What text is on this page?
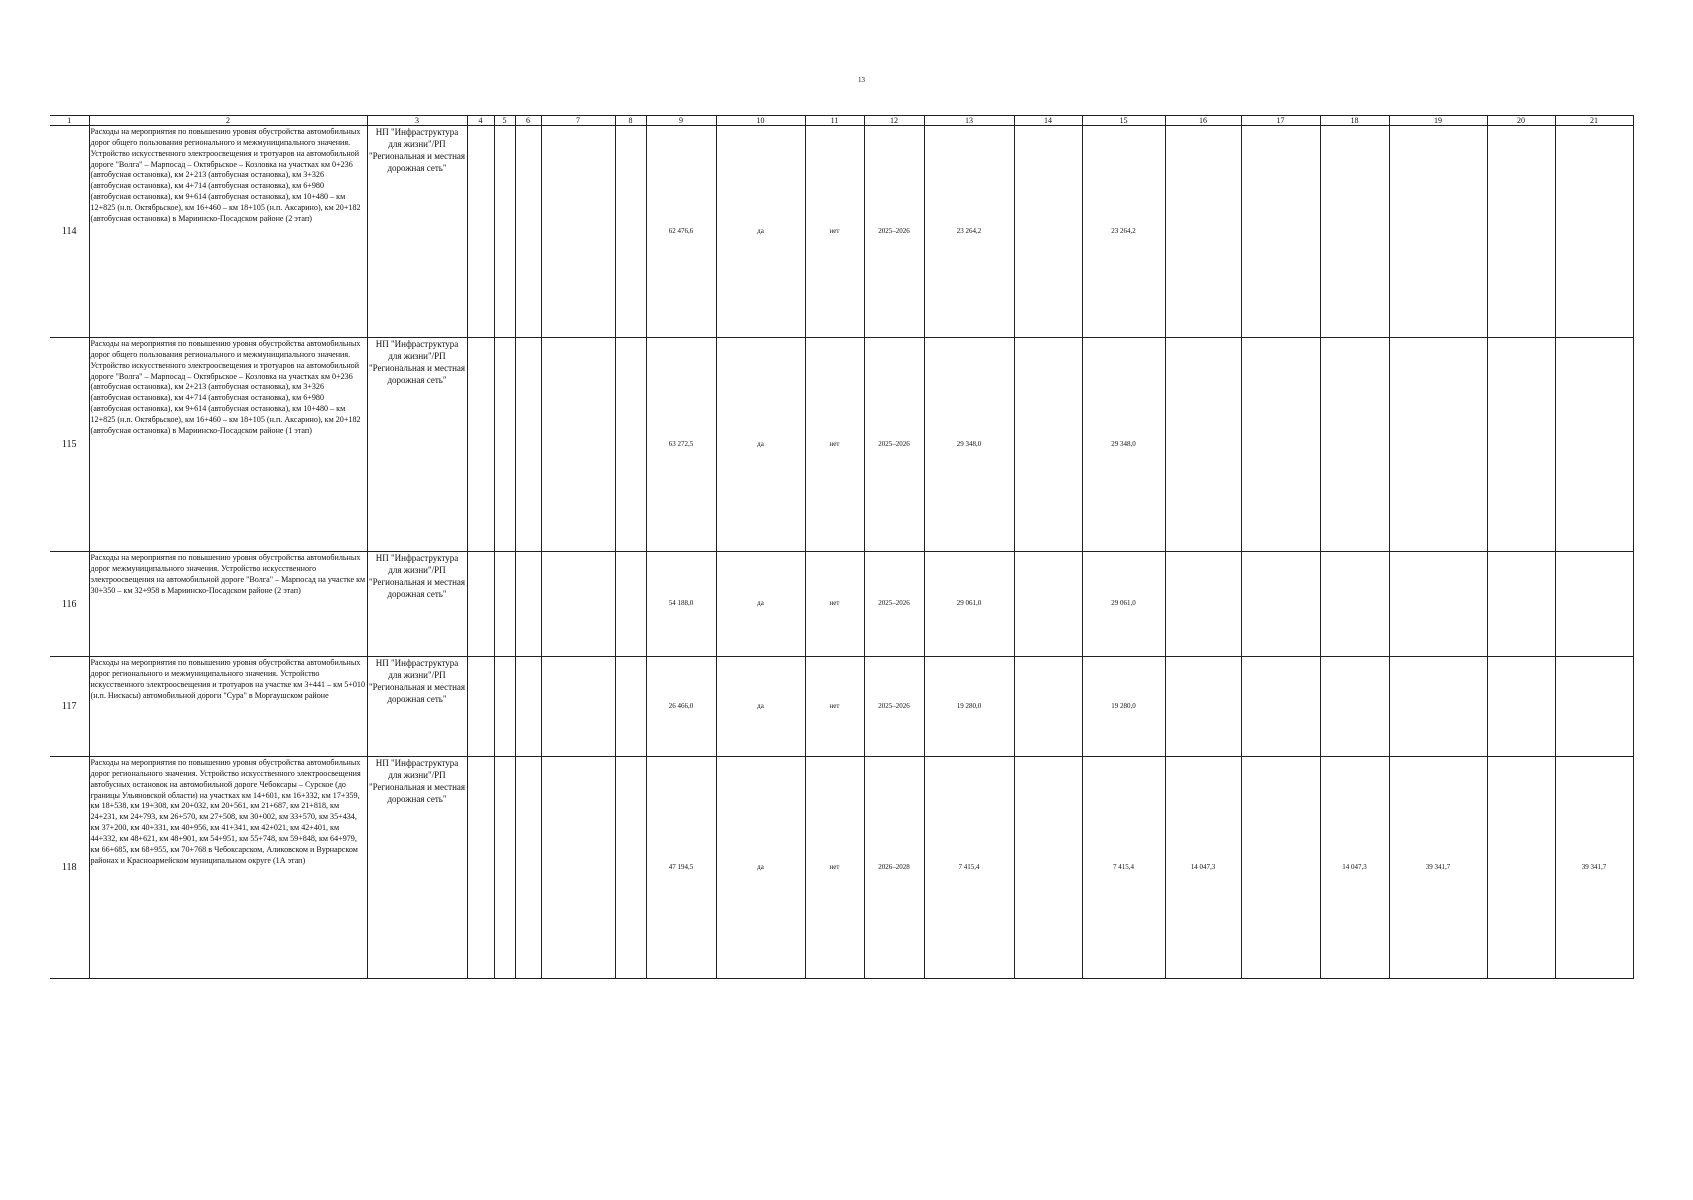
13
1	2	3	4	5	6	7	8	9	10	11	12	13	14	15	16	17	18	19	20	21
114	Расходы на мероприятия по повышению уровня обустройства автомобильных дорог общего пользования регионального и межмуниципального значения. Устройство искусственного электроосвещения и тротуаров на автомобильной дороге "Волга" – Марпосад – Октябрьское – Козловка на участках км 0+236 (автобусная остановка), км 2+213 (автобусная остановка), км 3+326 (автобусная остановка), км 4+714 (автобусная остановка), км 6+980 (автобусная остановка), км 9+614 (автобусная остановка), км 10+480 – км 12+825 (н.п. Октябрьское), км 16+460 – км 18+105 (н.п. Аксарино), км 20+182 (автобусная остановка) в Мариинско-Посадском районе (2 этап)	НП "Инфраструктура для жизни"/РП "Региональная и местная дорожная сеть"						62 476,6	да	нет	2025–2026	23 264,2		23 264,2						
115	Расходы на мероприятия по повышению уровня обустройства автомобильных дорог общего пользования регионального и межмуниципального значения. Устройство искусственного электроосвещения и тротуаров на автомобильной дороге "Волга" – Марпосад – Октябрьское – Козловка на участках км 0+236 (автобусная остановка), км 2+213 (автобусная остановка), км 3+326 (автобусная остановка), км 4+714 (автобусная остановка), км 6+980 (автобусная остановка), км 9+614 (автобусная остановка), км 10+480 – км 12+825 (н.п. Октябрьское), км 16+460 – км 18+105 (н.п. Аксарино), км 20+182 (автобусная остановка) в Мариинско-Посадском районе (1 этап)	НП "Инфраструктура для жизни"/РП "Региональная и местная дорожная сеть"						63 272,5	да	нет	2025–2026	29 348,0		29 348,0						
116	Расходы на мероприятия по повышению уровня обустройства автомобильных дорог межмуниципального значения. Устройство искусственного электроосвещения на автомобильной дороге "Волга" – Марпосад на участке км 30+350 – км 32+958 в Мариинско-Посадском районе (2 этап)	НП "Инфраструктура для жизни"/РП "Региональная и местная дорожная сеть"						54 188,0	да	нет	2025–2026	29 061,0		29 061,0						
117	Расходы на мероприятия по повышению уровня обустройства автомобильных дорог регионального и межмуниципального значения. Устройство искусственного электроосвещения и тротуаров на участке км 3+441 – км 5+010 (н.п. Нискасы) автомобильной дороги "Сура" в Моргаушском районе	НП "Инфраструктура для жизни"/РП "Региональная и местная дорожная сеть"						26 466,0	да	нет	2025–2026	19 280,0		19 280,0						
118	Расходы на мероприятия по повышению уровня обустройства автомобильных дорог регионального значения. Устройство искусственного электроосвещения автобусных остановок на автомобильной дороге Чебоксары – Сурское (до границы Ульяновской области) на участках км 14+601, км 16+332, км 17+359, км 18+538, км 19+308, км 20+032, км 20+561, км 21+687, км 21+818, км 24+231, км 24+793, км 26+570, км 27+508, км 30+002, км 33+570, км 35+434, км 37+200, км 40+331, км 40+956, км 41+341, км 42+021, км 42+401, км 44+332, км 48+621, км 48+901, км 54+951, км 55+748, км 59+848, км 64+979, км 66+685, км 68+955, км 70+768 в Чебоксарском, Аликовском и Вурнарском районах и Красноармейском муниципальном округе (1А этап)	НП "Инфраструктура для жизни"/РП "Региональная и местная дорожная сеть"						47 194,5	да	нет	2026–2028	7 415,4		7 415,4	14 047,3		14 047,3	39 341,7		39 341,7
